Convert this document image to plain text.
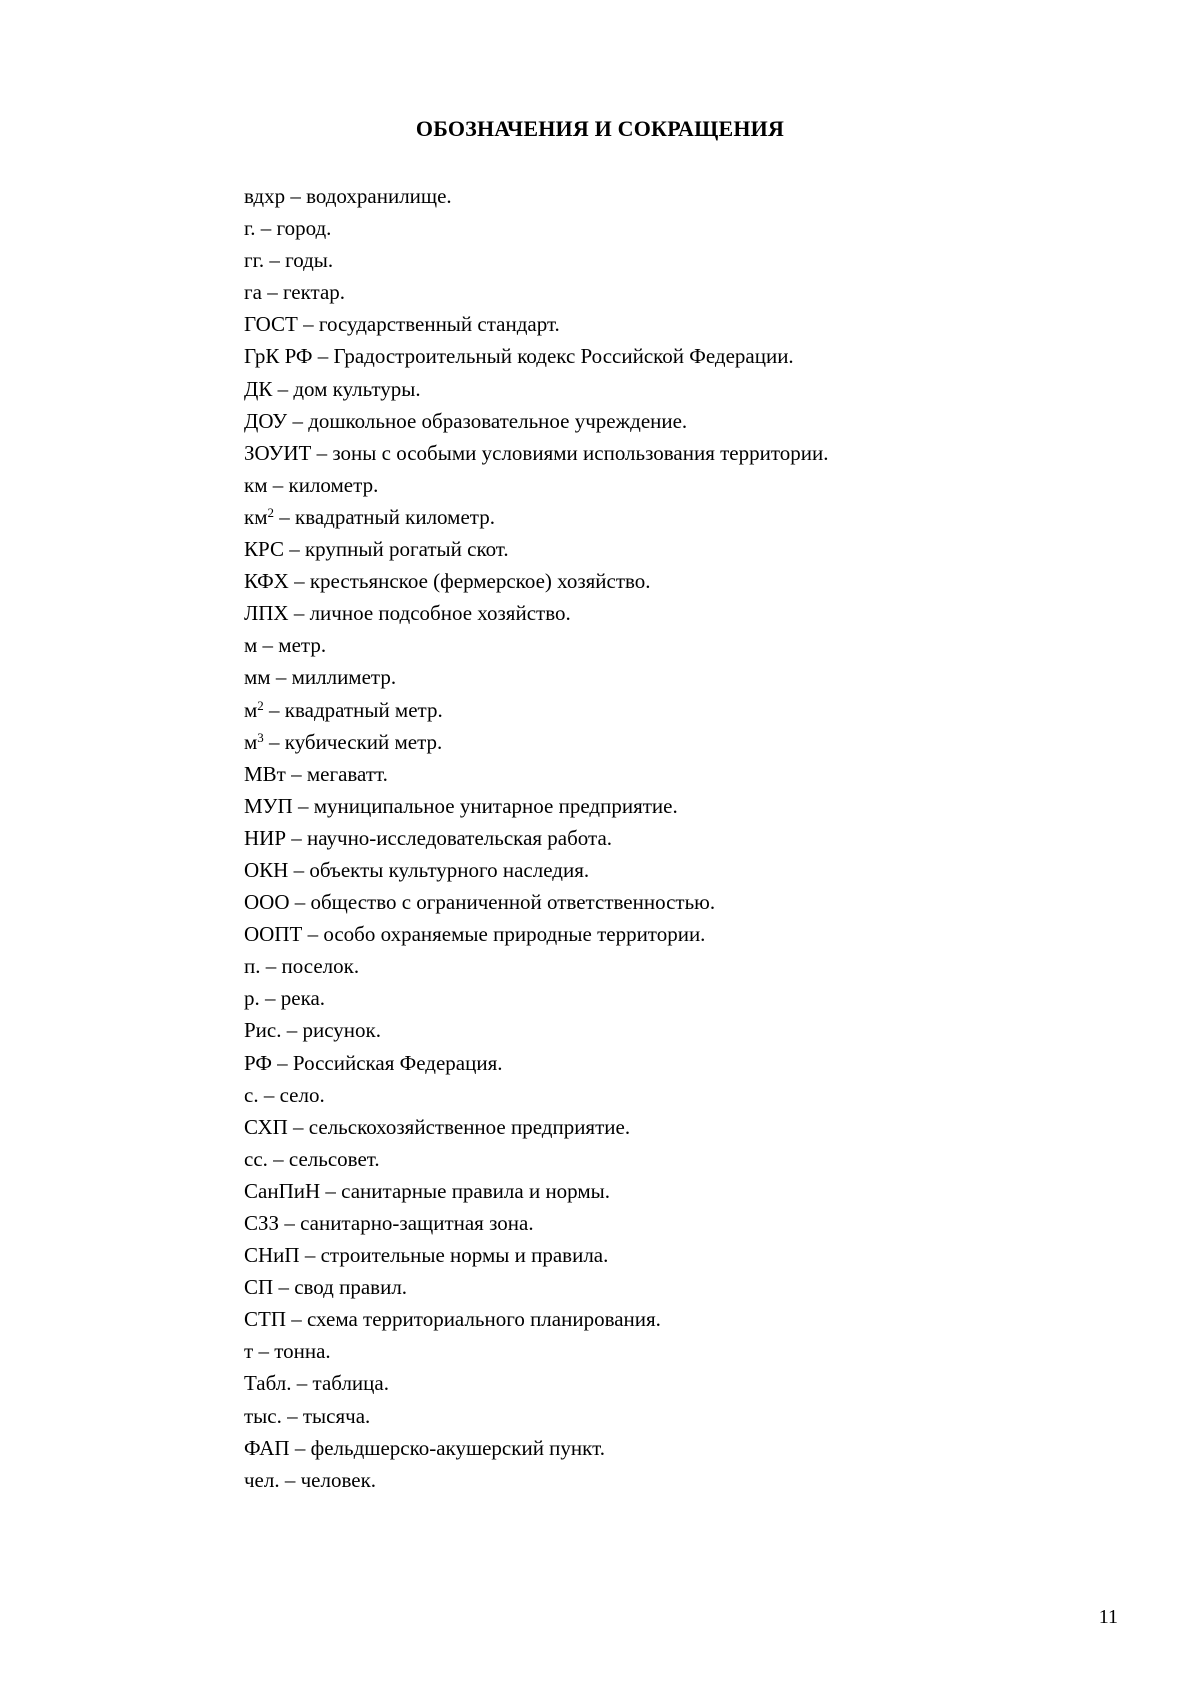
ОБОЗНАЧЕНИЯ И СОКРАЩЕНИЯ
вдхр – водохранилище.
г. – город.
гг. – годы.
га – гектар.
ГОСТ – государственный стандарт.
ГрК РФ – Градостроительный кодекс Российской Федерации.
ДК – дом культуры.
ДОУ – дошкольное образовательное учреждение.
ЗОУИТ – зоны с особыми условиями использования территории.
км – километр.
$км^2$ – квадратный километр.
КРС – крупный рогатый скот.
КФХ – крестьянское (фермерское) хозяйство.
ЛПХ – личное подсобное хозяйство.
м – метр.
мм – миллиметр.
$м^2$ – квадратный метр.
$м^3$ – кубический метр.
МВт – мегаватт.
МУП – муниципальное унитарное предприятие.
НИР – научно-исследовательская работа.
ОКН – объекты культурного наследия.
ООО – общество с ограниченной ответственностью.
ООПТ – особо охраняемые природные территории.
п. – поселок.
р. – река.
Рис. – рисунок.
РФ – Российская Федерация.
с. – село.
СХП – сельскохозяйственное предприятие.
сс. – сельсовет.
СанПиН – санитарные правила и нормы.
СЗЗ – санитарно-защитная зона.
СНиП – строительные нормы и правила.
СП – свод правил.
СТП – схема территориального планирования.
т – тонна.
Табл. – таблица.
тыс. – тысяча.
ФАП – фельдшерско-акушерский пункт.
чел. – человек.
11
